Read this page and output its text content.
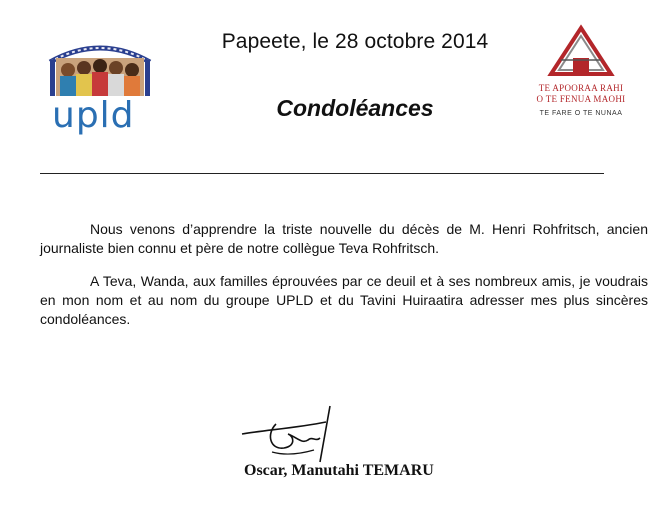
upld
Papeete, le 28 octobre 2014
Condoléances
TE APOORAA RAHI
O TE FENUA MAOHI
TE FARE O TE NUNAA

Nous venons d’apprendre la triste nouvelle du décès de M. Henri Rohfritsch, ancien journaliste bien connu et père de notre collègue Teva Rohfritsch.

A Teva, Wanda, aux familles éprouvées par ce deuil et à ses nombreux amis, je voudrais en mon nom et au nom du groupe UPLD et du Tavini Huiraatira adresser mes plus sincères condoléances.

Oscar, Manutahi TEMARU
